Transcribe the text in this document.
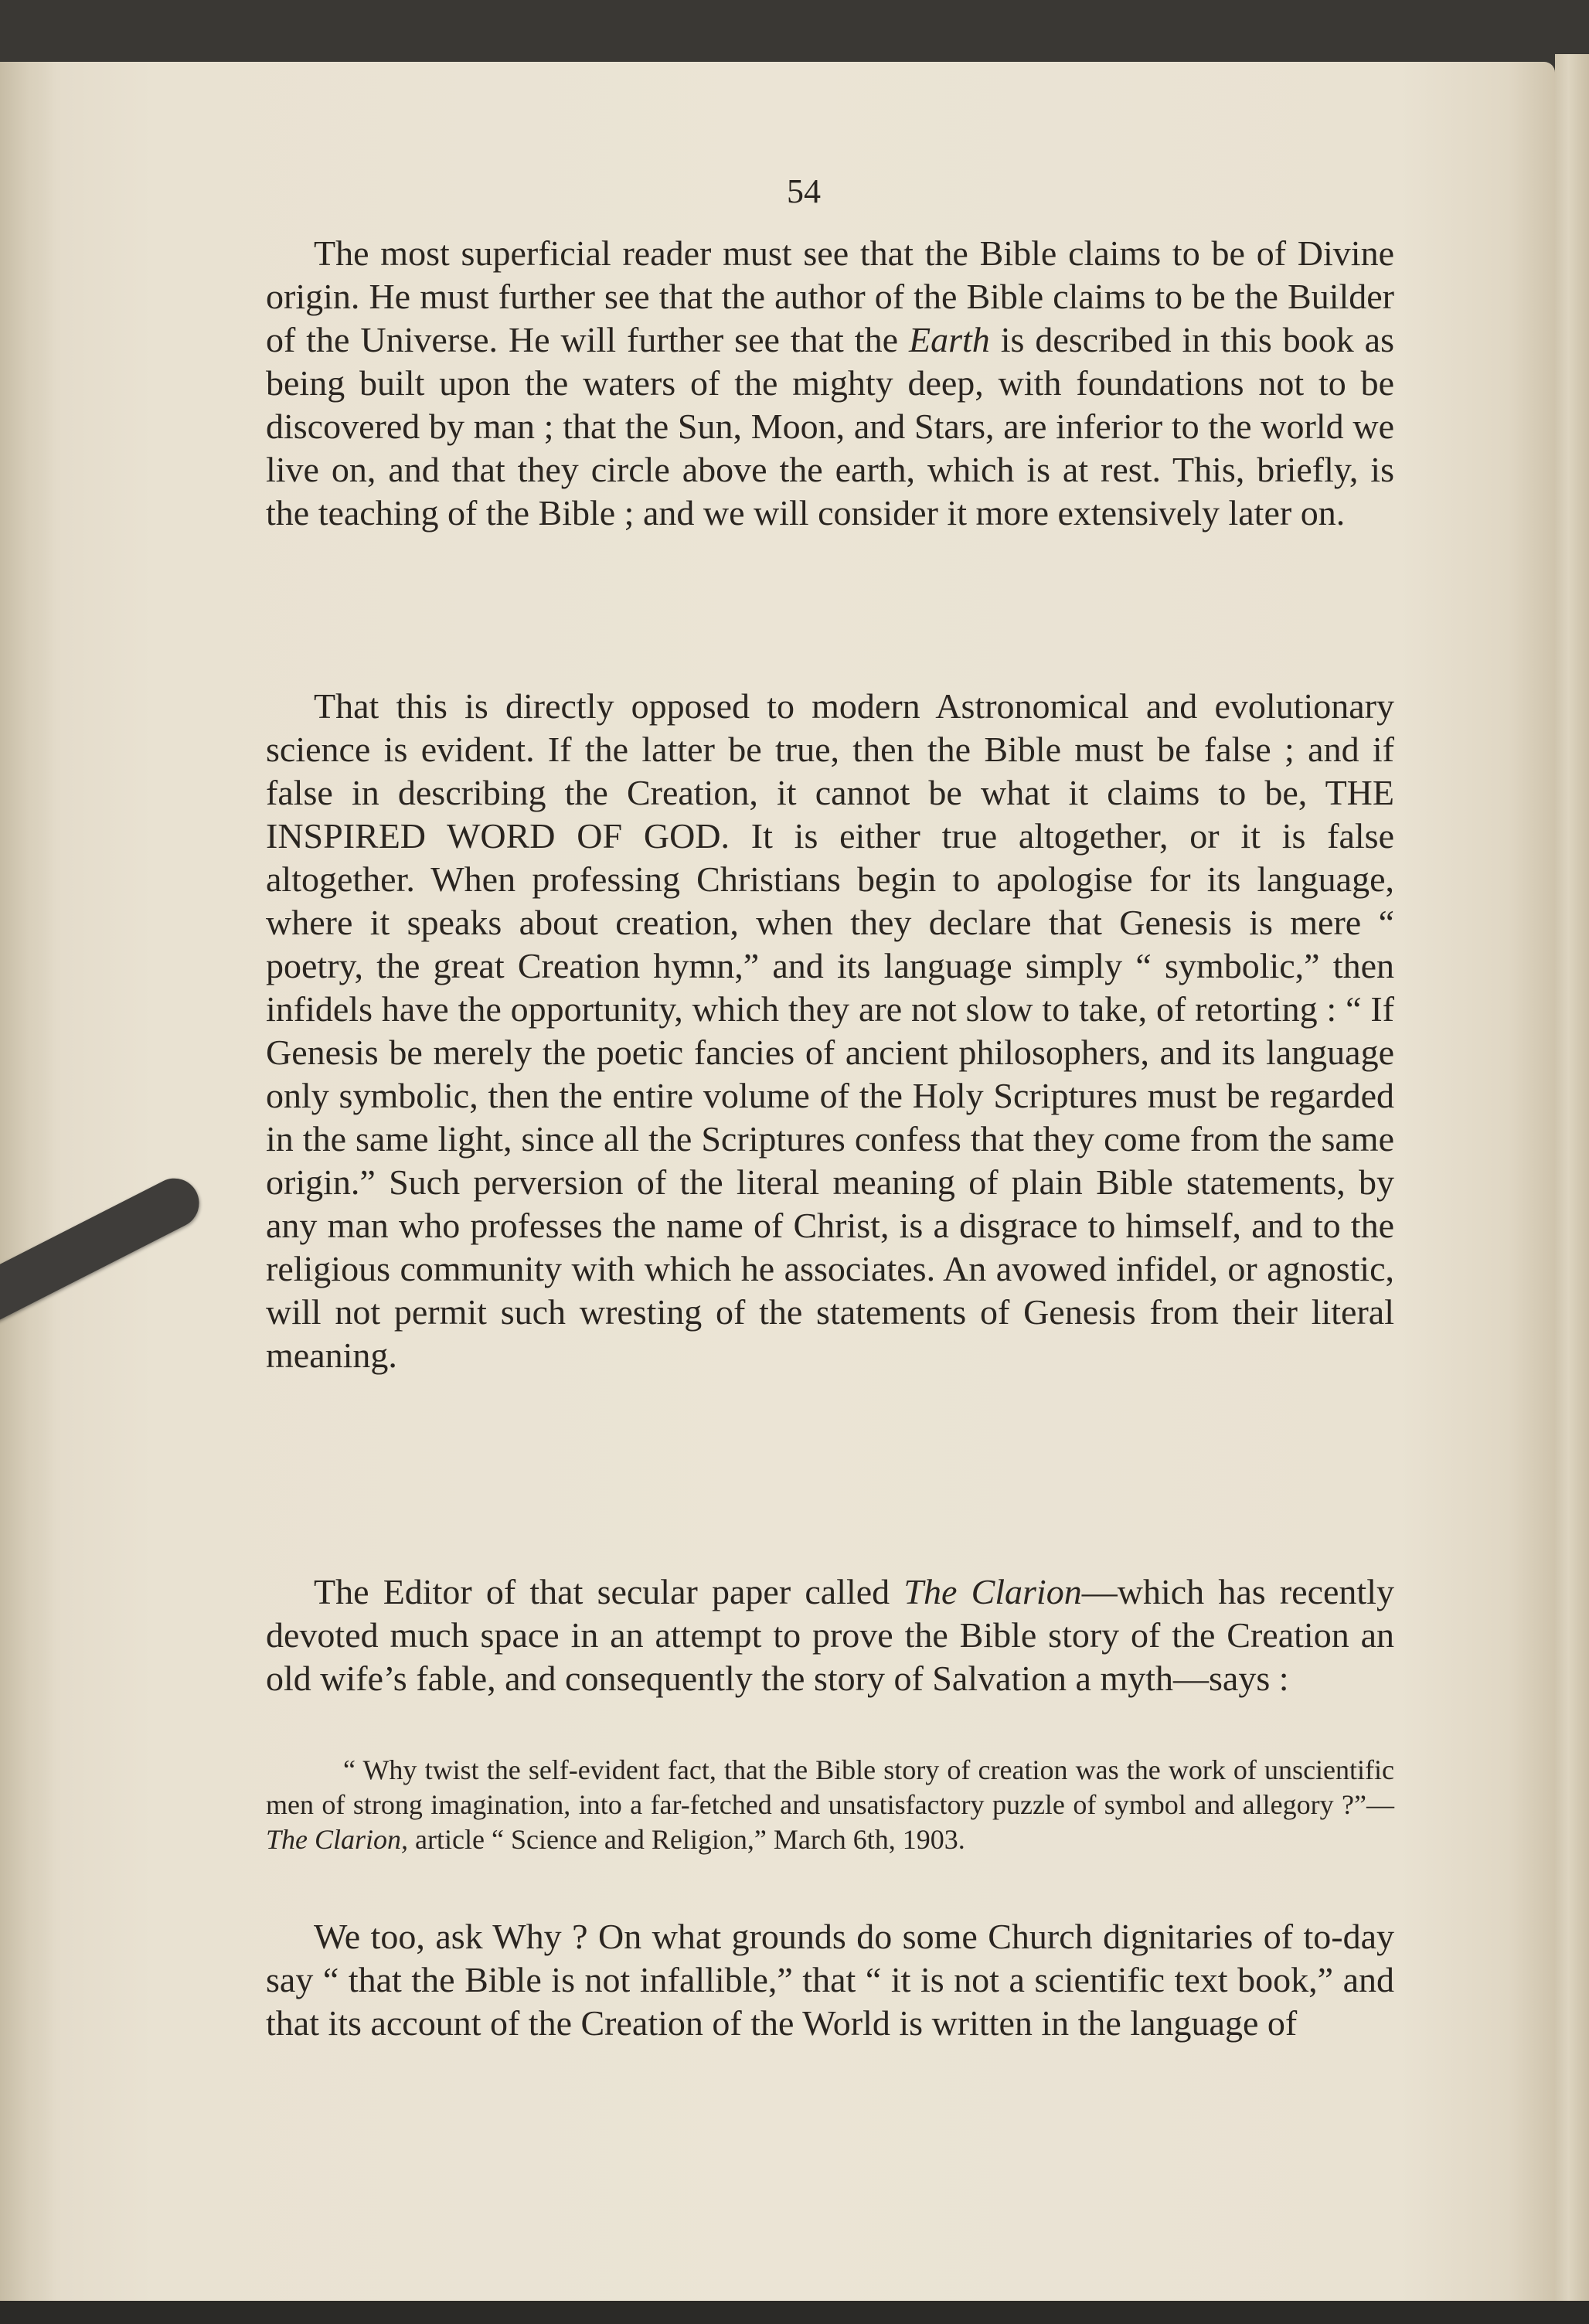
54

The most superficial reader must see that the Bible claims to be of Divine origin. He must further see that the author of the Bible claims to be the Builder of the Universe. He will further see that the Earth is described in this book as being built upon the waters of the mighty deep, with foundations not to be discovered by man ; that the Sun, Moon, and Stars, are inferior to the world we live on, and that they circle above the earth, which is at rest. This, briefly, is the teaching of the Bible ; and we will consider it more extensively later on.

That this is directly opposed to modern Astronomical and evolutionary science is evident. If the latter be true, then the Bible must be false ; and if false in describing the Creation, it cannot be what it claims to be, THE INSPIRED WORD OF GOD. It is either true altogether, or it is false altogether. When professing Christians begin to apologise for its language, where it speaks about creation, when they declare that Genesis is mere “ poetry, the great Creation hymn,” and its language simply “ symbolic,” then infidels have the opportunity, which they are not slow to take, of retorting : “ If Genesis be merely the poetic fancies of ancient philosophers, and its language only symbolic, then the entire volume of the Holy Scriptures must be regarded in the same light, since all the Scriptures confess that they come from the same origin.” Such perversion of the literal meaning of plain Bible statements, by any man who professes the name of Christ, is a disgrace to himself, and to the religious community with which he associates. An avowed infidel, or agnostic, will not permit such wresting of the statements of Genesis from their literal meaning.

The Editor of that secular paper called The Clarion—which has recently devoted much space in an attempt to prove the Bible story of the Creation an old wife’s fable, and consequently the story of Salvation a myth—says :

“ Why twist the self-evident fact, that the Bible story of creation was the work of unscientific men of strong imagination, into a far-fetched and unsatisfactory puzzle of symbol and allegory ?”—The Clarion, article “ Science and Religion,” March 6th, 1903.

We too, ask Why ? On what grounds do some Church dignitaries of to-day say “ that the Bible is not infallible,” that “ it is not a scientific text book,” and that its account of the Creation of the World is written in the language of
